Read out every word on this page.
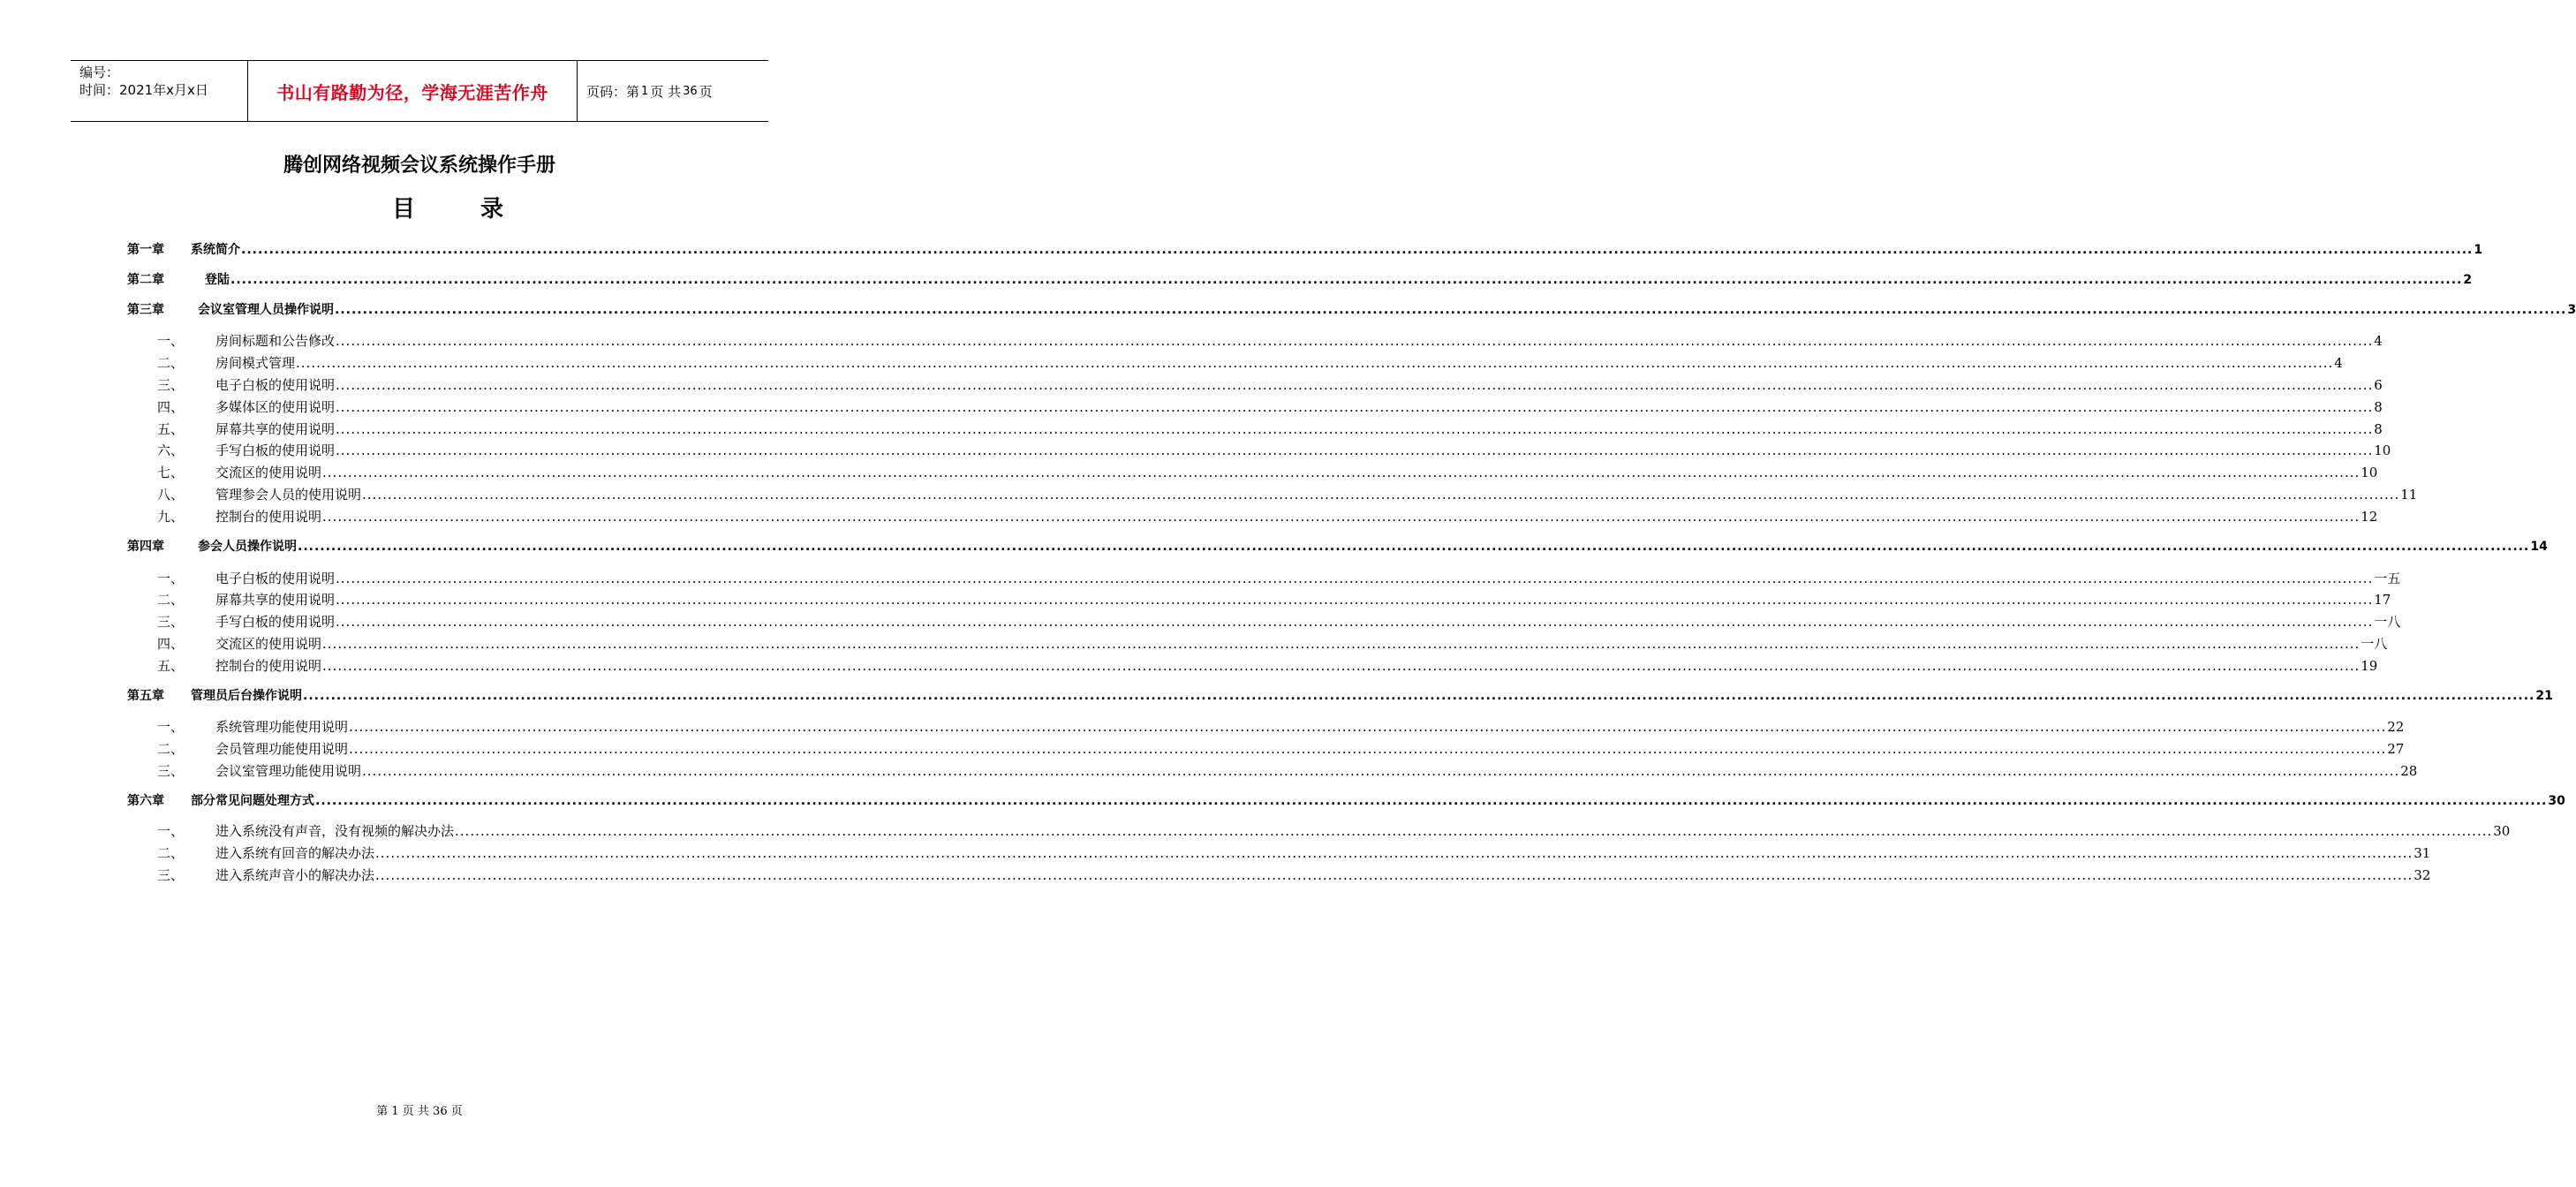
编号：
时间：2021年x月x日	书山有路勤为径，学海无涯苦作舟	页码：第 1 页 共 36 页
腾创网络视频会议系统操作手册
目	录
第一章	系统简介 ................................................................................................................................................................................................................................................................................................................................................................................................................ 1
第二章	登陆 ................................................................................................................................................................................................................................................................................................................................................................................................................ 2
第三章	会议室管理人员操作说明 ................................................................................................................................................................................................................................................................................................................................................................................................................ 3
一、	房间标题和公告修改 ................................................................................................................................................................................................................................................................................................................................................................................................................ 4
二、	房间模式管理 ................................................................................................................................................................................................................................................................................................................................................................................................................ 4
三、	电子白板的使用说明 ................................................................................................................................................................................................................................................................................................................................................................................................................ 6
四、	多媒体区的使用说明 ................................................................................................................................................................................................................................................................................................................................................................................................................ 8
五、	屏幕共享的使用说明 ................................................................................................................................................................................................................................................................................................................................................................................................................ 8
六、	手写白板的使用说明 ................................................................................................................................................................................................................................................................................................................................................................................................................ 10
七、	交流区的使用说明 ................................................................................................................................................................................................................................................................................................................................................................................................................ 10
八、	管理参会人员的使用说明 ................................................................................................................................................................................................................................................................................................................................................................................................................ 11
九、	控制台的使用说明 ................................................................................................................................................................................................................................................................................................................................................................................................................ 12
第四章	参会人员操作说明 ................................................................................................................................................................................................................................................................................................................................................................................................................ 14
一、	电子白板的使用说明 ................................................................................................................................................................................................................................................................................................................................................................................................................ 一五
二、	屏幕共享的使用说明 ................................................................................................................................................................................................................................................................................................................................................................................................................ 17
三、	手写白板的使用说明 ................................................................................................................................................................................................................................................................................................................................................................................................................ 一八
四、	交流区的使用说明 ................................................................................................................................................................................................................................................................................................................................................................................................................ 一八
五、	控制台的使用说明 ................................................................................................................................................................................................................................................................................................................................................................................................................ 19
第五章	管理员后台操作说明 ................................................................................................................................................................................................................................................................................................................................................................................................................ 21
一、	系统管理功能使用说明 ................................................................................................................................................................................................................................................................................................................................................................................................................ 22
二、	会员管理功能使用说明 ................................................................................................................................................................................................................................................................................................................................................................................................................ 27
三、	会议室管理功能使用说明 ................................................................................................................................................................................................................................................................................................................................................................................................................ 28
第六章	部分常见问题处理方式 ................................................................................................................................................................................................................................................................................................................................................................................................................ 30
一、	进入系统没有声音，没有视频的解决办法 ................................................................................................................................................................................................................................................................................................................................................................................................................ 30
二、	进入系统有回音的解决办法 ................................................................................................................................................................................................................................................................................................................................................................................................................ 31
三、	进入系统声音小的解决办法 ................................................................................................................................................................................................................................................................................................................................................................................................................ 32
第 1 页 共 36 页
